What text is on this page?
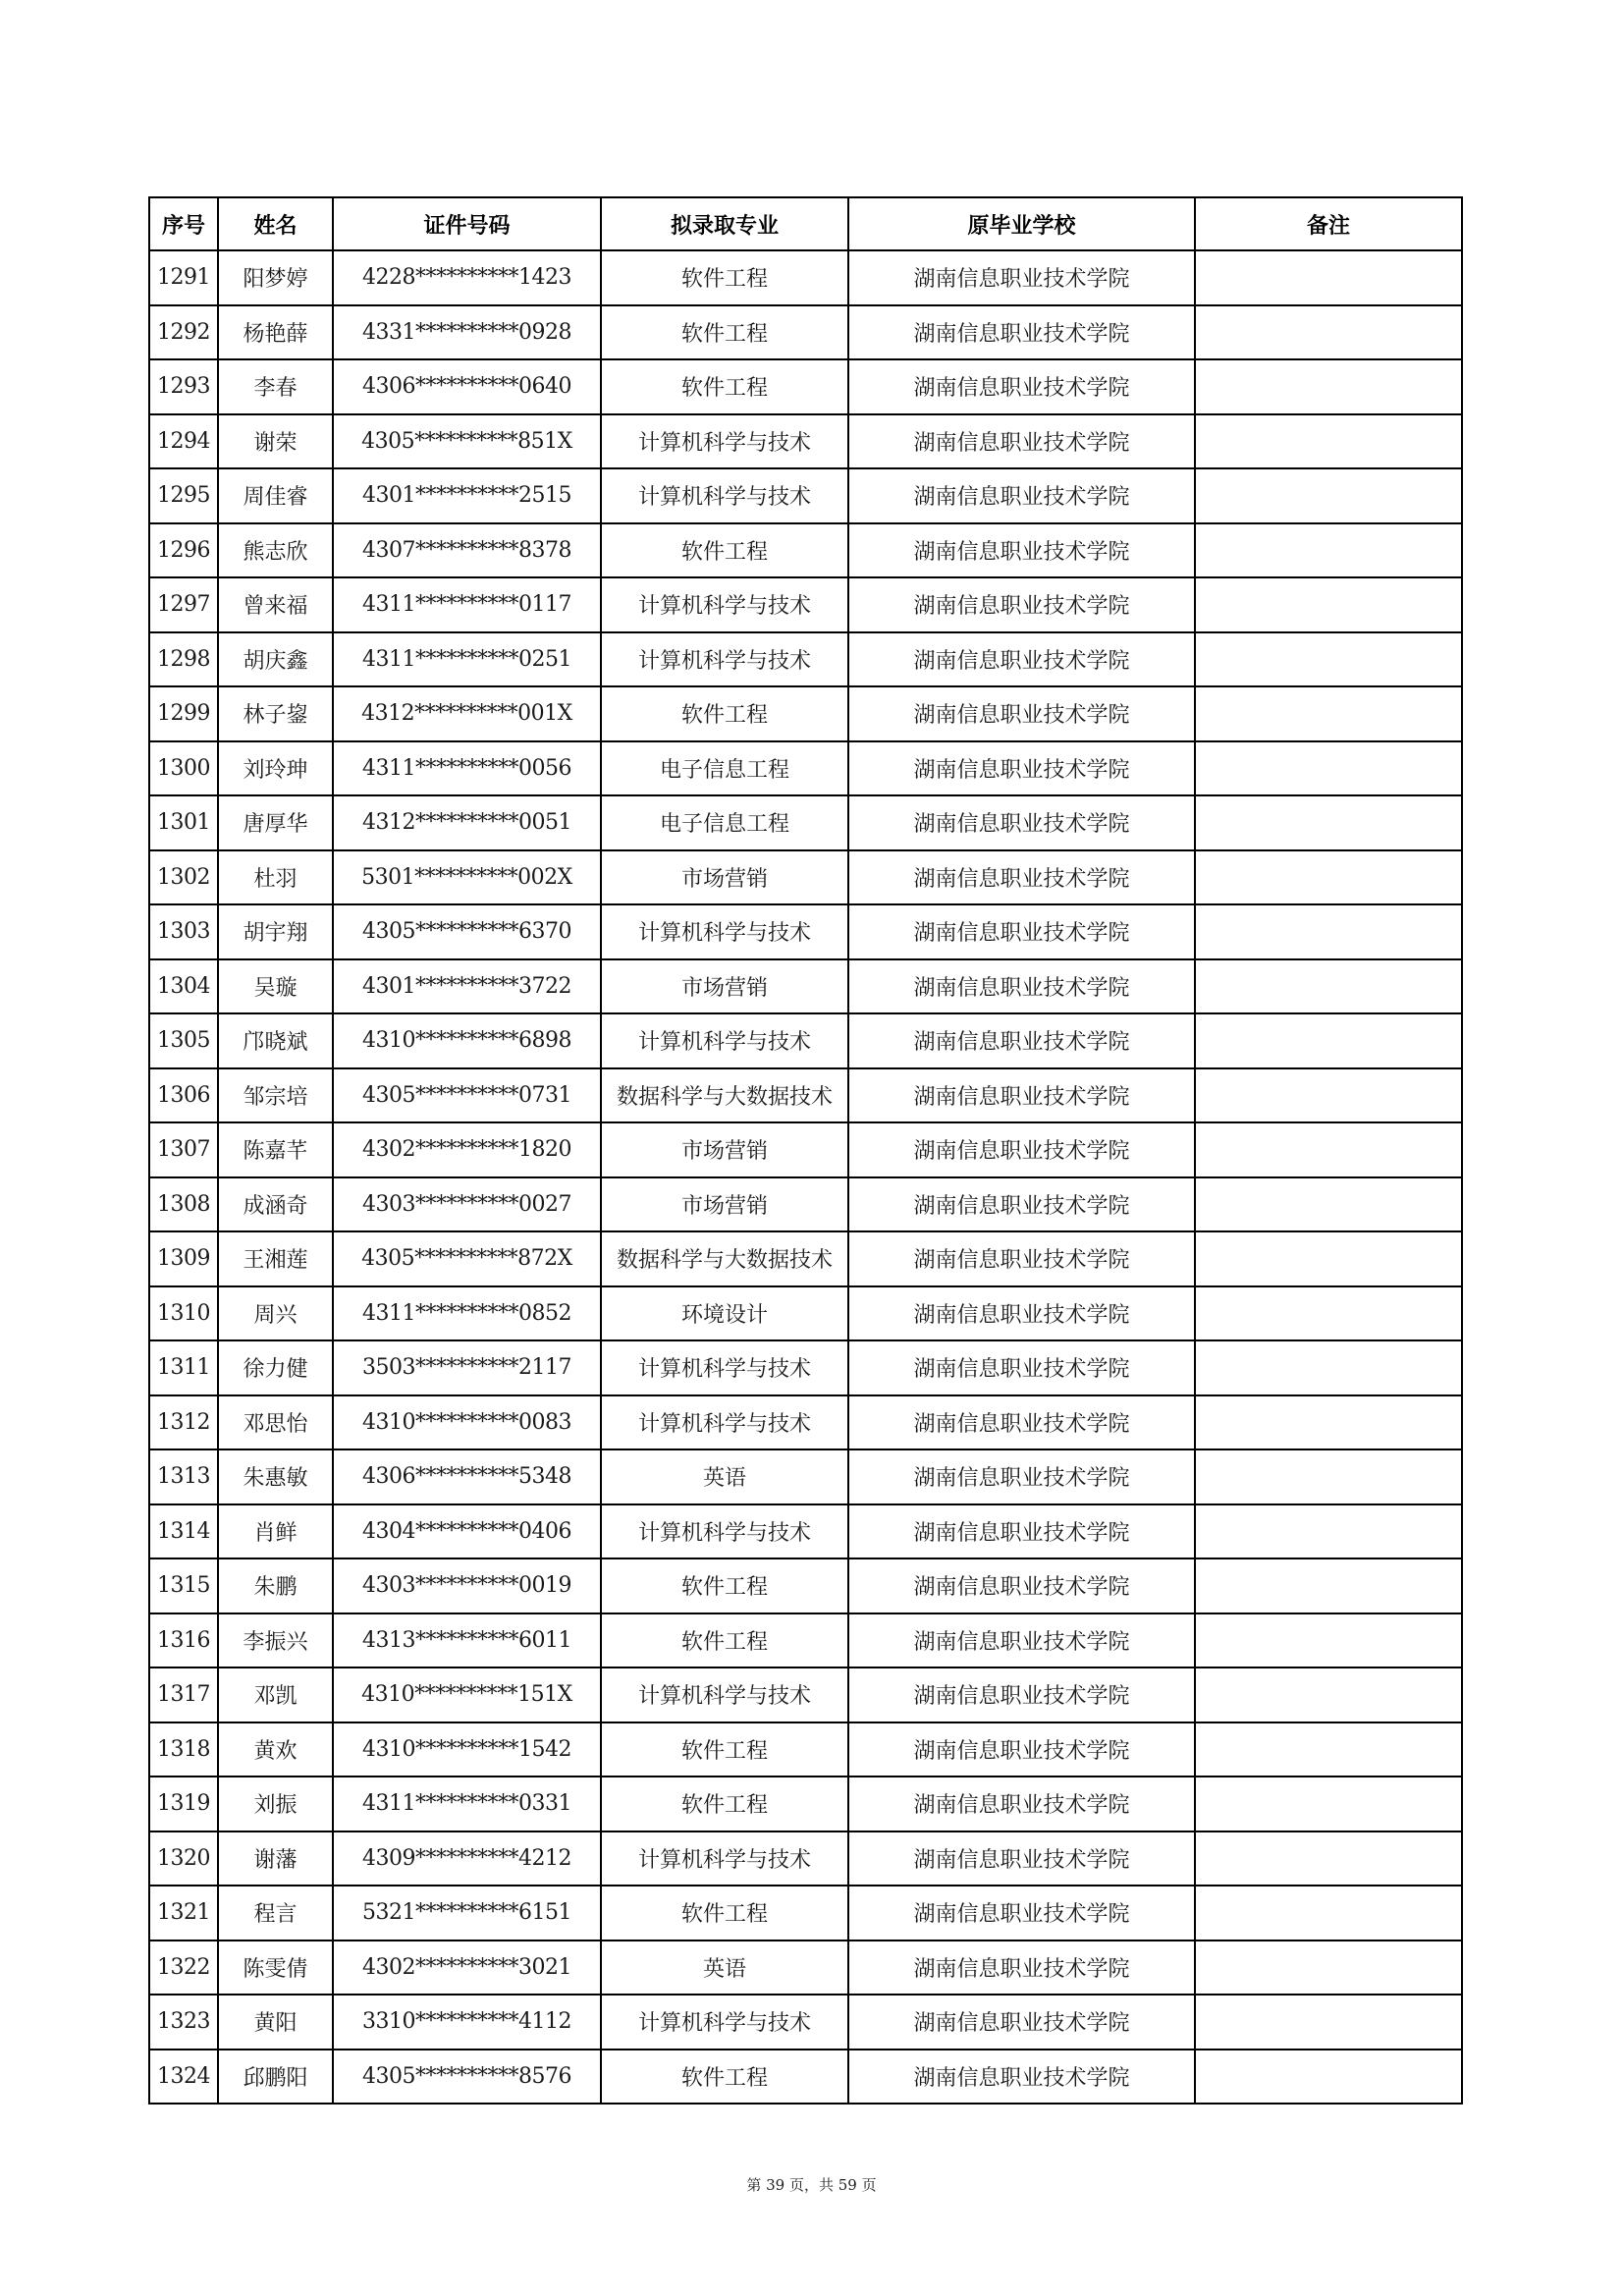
序号	姓名	证件号码	拟录取专业	原毕业学校	备注
1291	阳梦婷	4228**********1423	软件工程	湖南信息职业技术学院	
1292	杨艳薛	4331**********0928	软件工程	湖南信息职业技术学院	
1293	李春	4306**********0640	软件工程	湖南信息职业技术学院	
1294	谢荣	4305**********851X	计算机科学与技术	湖南信息职业技术学院	
1295	周佳睿	4301**********2515	计算机科学与技术	湖南信息职业技术学院	
1296	熊志欣	4307**********8378	软件工程	湖南信息职业技术学院	
1297	曾来福	4311**********0117	计算机科学与技术	湖南信息职业技术学院	
1298	胡庆鑫	4311**********0251	计算机科学与技术	湖南信息职业技术学院	
1299	林子鋆	4312**********001X	软件工程	湖南信息职业技术学院	
1300	刘玲珅	4311**********0056	电子信息工程	湖南信息职业技术学院	
1301	唐厚华	4312**********0051	电子信息工程	湖南信息职业技术学院	
1302	杜羽	5301**********002X	市场营销	湖南信息职业技术学院	
1303	胡宇翔	4305**********6370	计算机科学与技术	湖南信息职业技术学院	
1304	吴璇	4301**********3722	市场营销	湖南信息职业技术学院	
1305	邝晓斌	4310**********6898	计算机科学与技术	湖南信息职业技术学院	
1306	邹宗培	4305**********0731	数据科学与大数据技术	湖南信息职业技术学院	
1307	陈嘉芊	4302**********1820	市场营销	湖南信息职业技术学院	
1308	成涵奇	4303**********0027	市场营销	湖南信息职业技术学院	
1309	王湘莲	4305**********872X	数据科学与大数据技术	湖南信息职业技术学院	
1310	周兴	4311**********0852	环境设计	湖南信息职业技术学院	
1311	徐力健	3503**********2117	计算机科学与技术	湖南信息职业技术学院	
1312	邓思怡	4310**********0083	计算机科学与技术	湖南信息职业技术学院	
1313	朱惠敏	4306**********5348	英语	湖南信息职业技术学院	
1314	肖鲜	4304**********0406	计算机科学与技术	湖南信息职业技术学院	
1315	朱鹏	4303**********0019	软件工程	湖南信息职业技术学院	
1316	李振兴	4313**********6011	软件工程	湖南信息职业技术学院	
1317	邓凯	4310**********151X	计算机科学与技术	湖南信息职业技术学院	
1318	黄欢	4310**********1542	软件工程	湖南信息职业技术学院	
1319	刘振	4311**********0331	软件工程	湖南信息职业技术学院	
1320	谢藩	4309**********4212	计算机科学与技术	湖南信息职业技术学院	
1321	程言	5321**********6151	软件工程	湖南信息职业技术学院	
1322	陈雯倩	4302**********3021	英语	湖南信息职业技术学院	
1323	黄阳	3310**********4112	计算机科学与技术	湖南信息职业技术学院	
1324	邱鹏阳	4305**********8576	软件工程	湖南信息职业技术学院	
第 39 页，共 59 页
